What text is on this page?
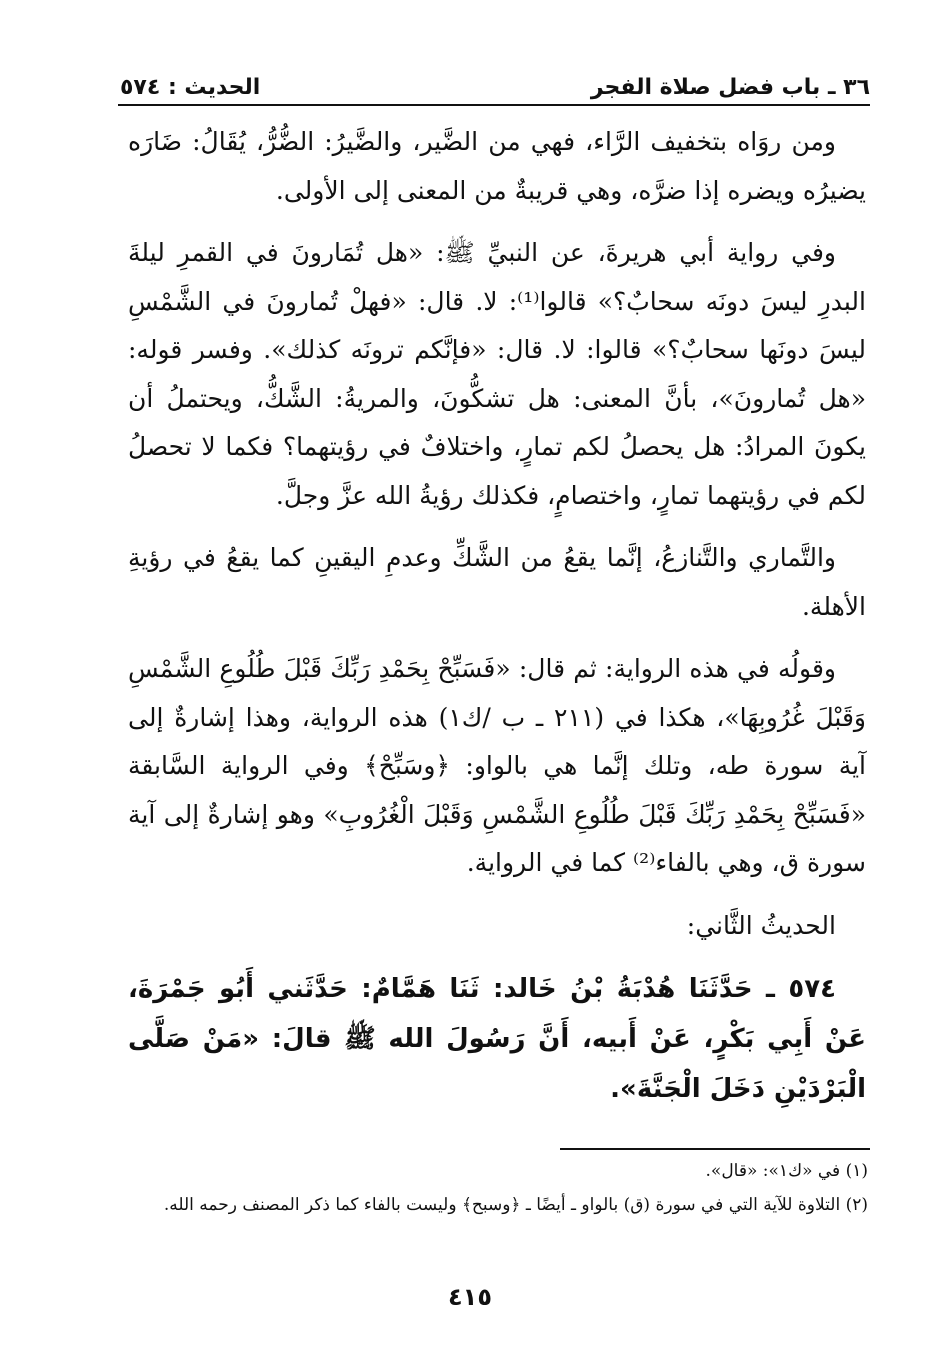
٣٦ ـ باب فضل صلاة الفجر
الحديث : ٥٧٤

ومن روَاه بتخفيف الرَّاء، فهي من الضَّير، والضَّيرُ: الضُّرُّ، يُقَالُ: ضَارَه يضيرُه ويضره إذا ضرَّه، وهي قريبةٌ من المعنى إلى الأولى.

وفي رواية أبي هريرةَ، عن النبيِّ ﷺ: «هل تُمَارونَ في القمرِ ليلةَ البدرِ ليسَ دونَه سحابٌ؟» قالوا⁽¹⁾: لا. قال: «فهلْ تُمارونَ في الشَّمْسِ ليسَ دونَها سحابٌ؟» قالوا: لا. قال: «فإنَّكم ترونَه كذلك». وفسر قوله: «هل تُمارونَ»، بأنَّ المعنى: هل تشكُّونَ، والمريةُ: الشَّكُّ، ويحتملُ أن يكونَ المرادُ: هل يحصلُ لكم تمارٍ، واختلافٌ في رؤيتهما؟ فكما لا تحصلُ لكم في رؤيتهما تمارٍ، واختصامٍ، فكذلك رؤيةُ الله عزَّ وجلَّ.

والتَّماري والتَّنازعُ، إنَّما يقعُ من الشَّكِّ وعدمِ اليقينِ كما يقعُ في رؤيةِ الأهلة.

وقولُه في هذه الرواية: ثم قال: «فَسَبِّحْ بِحَمْدِ رَبِّكَ قَبْلَ طُلُوعِ الشَّمْسِ وَقَبْلَ غُرُوبِهَا»، هكذا في (٢١١ ـ ب /ك١) هذه الرواية، وهذا إشارةٌ إلى آية سورة طه، وتلك إنَّما هي بالواو: ﴿وسَبِّحْ﴾ وفي الرواية السَّابقة «فَسَبِّحْ بِحَمْدِ رَبِّكَ قَبْلَ طُلُوعِ الشَّمْسِ وَقَبْلَ الْغُرُوبِ» وهو إشارةٌ إلى آية سورة ق، وهي بالفاء⁽²⁾ كما في الرواية.

الحديثُ الثَّاني:

٥٧٤ ـ حَدَّثَنَا هُدْبَةُ بْنُ خَالد: ثَنَا هَمَّامٌ: حَدَّثَني أَبُو جَمْرَةَ، عَنْ أَبِي بَكْرٍ، عَنْ أَبيه، أَنَّ رَسُولَ الله ﷺ قالَ: «مَنْ صَلَّى الْبَرْدَيْنِ دَخَلَ الْجَنَّةَ».

(١) في «ك١»: «قال».

(٢) التلاوة للآية التي في سورة (ق) بالواو ـ أيضًا ـ ﴿وسبح﴾ وليست بالفاء كما ذكر المصنف رحمه الله.

٤١٥
